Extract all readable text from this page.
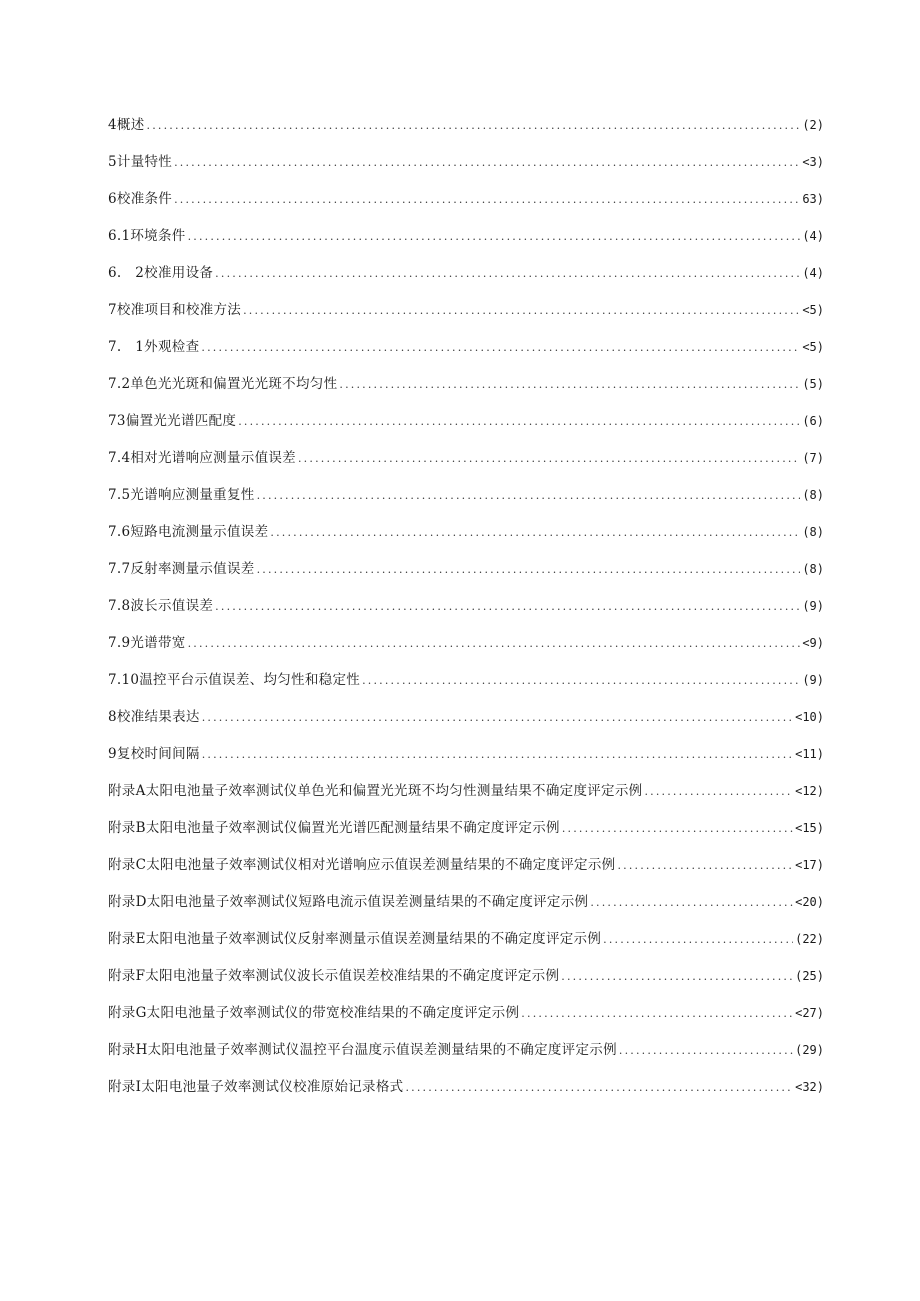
4概述 .....	(2)
5计量特性 .....	<3)
6校准条件 .....	63)
6.1环境条件 .....	(4)
6.　2校准用设备 .....	(4)
7校准项目和校准方法 .....	<5)
7.　1外观检查 .....	<5)
7.2单色光光斑和偏置光光斑不均匀性 .....	(5)
73偏置光光谱匹配度 .....	(6)
7.4相对光谱响应测量示值误差 .....	(7)
7.5光谱响应测量重复性 .....	(8)
7.6短路电流测量示值误差 .....	(8)
7.7反射率测量示值误差 .....	(8)
7.8波长示值误差 .....	(9)
7.9光谱带宽 .....	<9)
7.10温控平台示值误差、均匀性和稳定性 .....	(9)
8校准结果表达 .....	<10)
9复校时间间隔 .....	<11)
附录A太阳电池量子效率测试仪单色光和偏置光光斑不均匀性测量结果不确定度评定示例 .....	<12)
附录B太阳电池量子效率测试仪偏置光光谱匹配测量结果不确定度评定示例 .....	<15)
附录C太阳电池量子效率测试仪相对光谱响应示值误差测量结果的不确定度评定示例 .....	<17)
附录D太阳电池量子效率测试仪短路电流示值误差测量结果的不确定度评定示例 .....	<20)
附录E太阳电池量子效率测试仪反射率测量示值误差测量结果的不确定度评定示例 .....	(22)
附录F太阳电池量子效率测试仪波长示值误差校准结果的不确定度评定示例 .....	(25)
附录G太阳电池量子效率测试仪的带宽校准结果的不确定度评定示例 .....	<27)
附录H太阳电池量子效率测试仪温控平台温度示值误差测量结果的不确定度评定示例 .....	(29)
附录I太阳电池量子效率测试仪校准原始记录格式 .....	<32)
